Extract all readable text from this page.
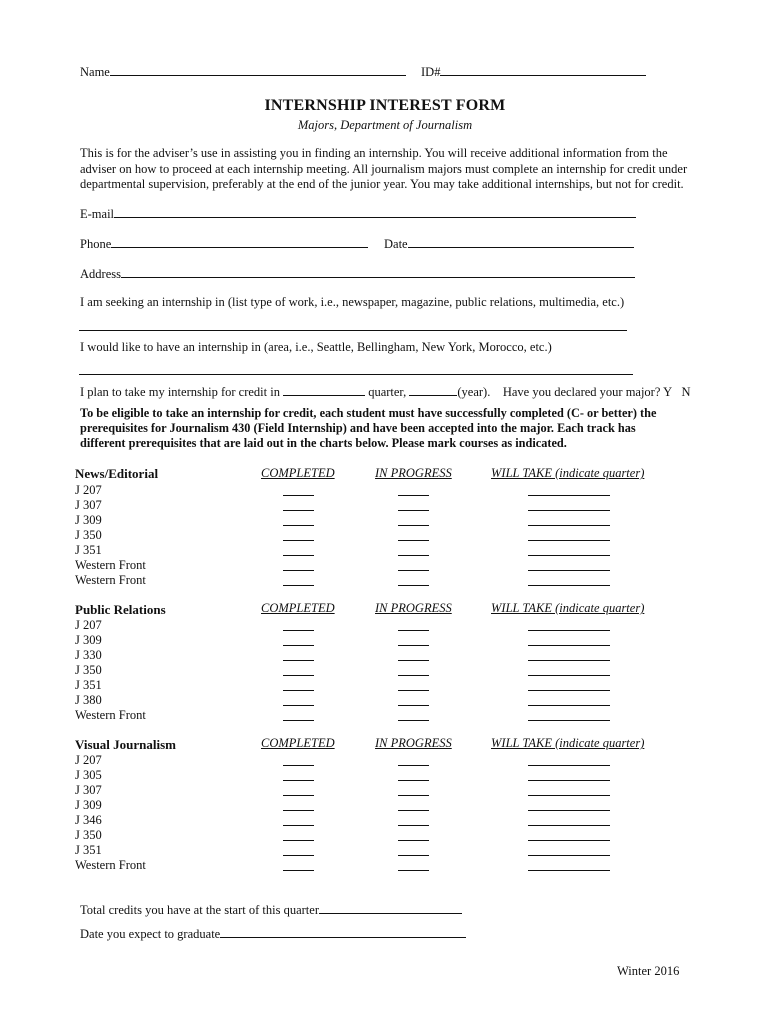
Name	ID#
INTERNSHIP INTEREST FORM
Majors, Department of Journalism
This is for the adviser’s use in assisting you in finding an internship. You will receive additional information from the
adviser on how to proceed at each internship meeting. All journalism majors must complete an internship for credit under
departmental supervision, preferably at the end of the junior year. You may take additional internships, but not for credit.
E-mail
Phone	Date
Address
I am seeking an internship in (list type of work, i.e., newspaper, magazine, public relations, multimedia, etc.)
I would like to have an internship in (area, i.e., Seattle, Bellingham, New York, Morocco, etc.)
I plan to take my internship for credit in	quarter,	(year). Have you declared your major? Y N
To be eligible to take an internship for credit, each student must have successfully completed (C- or better) the
prerequisites for Journalism 430 (Field Internship) and have been accepted into the major. Each track has
different prerequisites that are laid out in the charts below. Please mark courses as indicated.
News/Editorial	COMPLETED	IN PROGRESS	WILL TAKE (indicate quarter)
J 207
J 307
J 309
J 350
J 351
Western Front
Western Front
Public Relations	COMPLETED	IN PROGRESS	WILL TAKE (indicate quarter)
J 207
J 309
J 330
J 350
J 351
J 380
Western Front
Visual Journalism	COMPLETED	IN PROGRESS	WILL TAKE (indicate quarter)
J 207
J 305
J 307
J 309
J 346
J 350
J 351
Western Front
Total credits you have at the start of this quarter
Date you expect to graduate
Winter 2016
